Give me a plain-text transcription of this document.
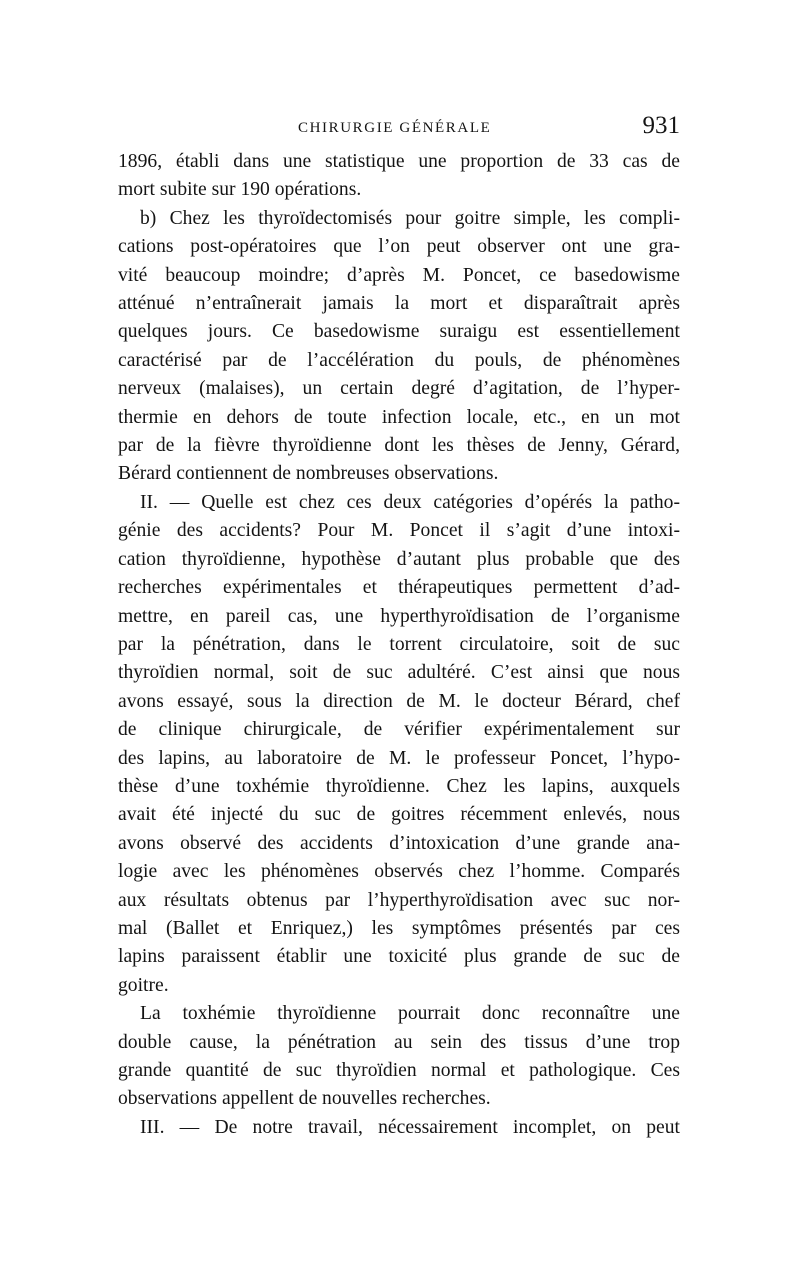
CHIRURGIE GÉNÉRALE	931
1896, établi dans une statistique une proportion de 33 cas de
mort subite sur 190 opérations.
b) Chez les thyroïdectomisés pour goitre simple, les compli-
cations post-opératoires que l’on peut observer ont une gra-
vité beaucoup moindre; d’après M. Poncet, ce basedowisme
atténué n’entraînerait jamais la mort et disparaîtrait après
quelques jours. Ce basedowisme suraigu est essentiellement
caractérisé par de l’accélération du pouls, de phénomènes
nerveux (malaises), un certain degré d’agitation, de l’hyper-
thermie en dehors de toute infection locale, etc., en un mot
par de la fièvre thyroïdienne dont les thèses de Jenny, Gérard,
Bérard contiennent de nombreuses observations.
II. — Quelle est chez ces deux catégories d’opérés la patho-
génie des accidents? Pour M. Poncet il s’agit d’une intoxi-
cation thyroïdienne, hypothèse d’autant plus probable que des
recherches expérimentales et thérapeutiques permettent d’ad-
mettre, en pareil cas, une hyperthyroïdisation de l’organisme
par la pénétration, dans le torrent circulatoire, soit de suc
thyroïdien normal, soit de suc adultéré. C’est ainsi que nous
avons essayé, sous la direction de M. le docteur Bérard, chef
de clinique chirurgicale, de vérifier expérimentalement sur
des lapins, au laboratoire de M. le professeur Poncet, l’hypo-
thèse d’une toxhémie thyroïdienne. Chez les lapins, auxquels
avait été injecté du suc de goitres récemment enlevés, nous
avons observé des accidents d’intoxication d’une grande ana-
logie avec les phénomènes observés chez l’homme. Comparés
aux résultats obtenus par l’hyperthyroïdisation avec suc nor-
mal (Ballet et Enriquez,) les symptômes présentés par ces
lapins paraissent établir une toxicité plus grande de suc de
goitre.
La toxhémie thyroïdienne pourrait donc reconnaître une
double cause, la pénétration au sein des tissus d’une trop
grande quantité de suc thyroïdien normal et pathologique. Ces
observations appellent de nouvelles recherches.
III. — De notre travail, nécessairement incomplet, on peut
